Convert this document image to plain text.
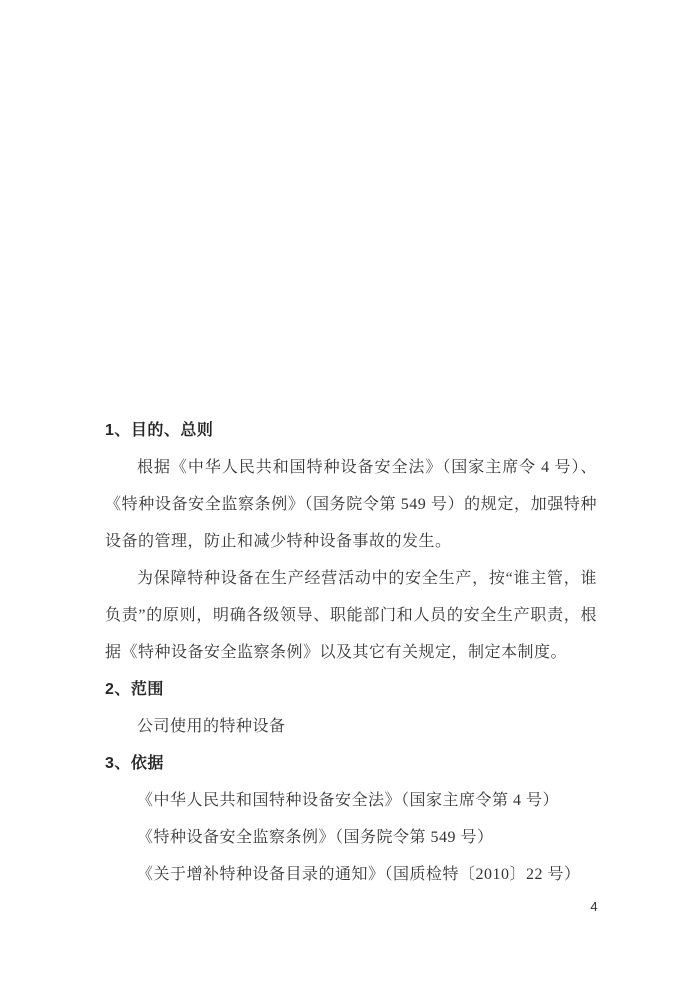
1、目的、总则

根据《中华人民共和国特种设备安全法》（国家主席令 4 号）、《特种设备安全监察条例》（国务院令第 549 号）的规定，加强特种设备的管理，防止和减少特种设备事故的发生。

为保障特种设备在生产经营活动中的安全生产，按“谁主管，谁负责”的原则，明确各级领导、职能部门和人员的安全生产职责，根据《特种设备安全监察条例》以及其它有关规定，制定本制度。

2、范围

公司使用的特种设备

3、依据

《中华人民共和国特种设备安全法》（国家主席令第 4 号）

《特种设备安全监察条例》（国务院令第 549 号）

《关于增补特种设备目录的通知》（国质检特〔2010〕22 号）

4
